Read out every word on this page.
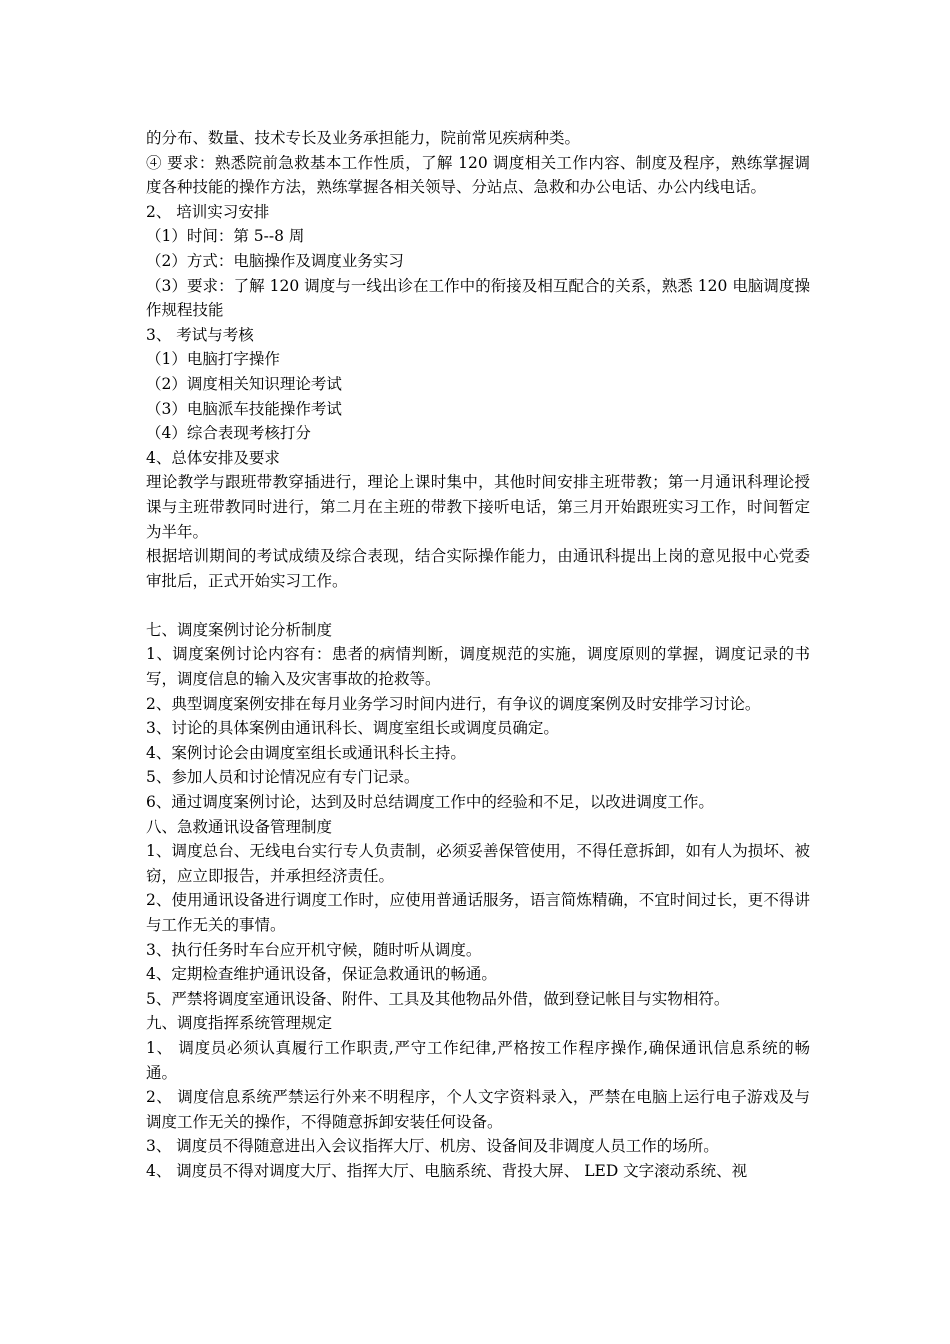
的分布、数量、技术专长及业务承担能力，院前常见疾病种类。
④ 要求：熟悉院前急救基本工作性质，了解 120 调度相关工作内容、制度及程序，熟练掌握调度各种技能的操作方法，熟练掌握各相关领导、分站点、急救和办公电话、办公内线电话。
2、 培训实习安排
（1）时间：第 5--8 周
（2）方式：电脑操作及调度业务实习
（3）要求：了解 120 调度与一线出诊在工作中的衔接及相互配合的关系，熟悉 120 电脑调度操作规程技能
3、 考试与考核
（1）电脑打字操作
（2）调度相关知识理论考试
（3）电脑派车技能操作考试
（4）综合表现考核打分
4、总体安排及要求
理论教学与跟班带教穿插进行，理论上课时集中，其他时间安排主班带教；第一月通讯科理论授课与主班带教同时进行，第二月在主班的带教下接听电话，第三月开始跟班实习工作，时间暂定为半年。
根据培训期间的考试成绩及综合表现，结合实际操作能力，由通讯科提出上岗的意见报中心党委审批后，正式开始实习工作。
七、调度案例讨论分析制度
1、调度案例讨论内容有：患者的病情判断，调度规范的实施，调度原则的掌握，调度记录的书写，调度信息的输入及灾害事故的抢救等。
2、典型调度案例安排在每月业务学习时间内进行，有争议的调度案例及时安排学习讨论。
3、讨论的具体案例由通讯科长、调度室组长或调度员确定。
4、案例讨论会由调度室组长或通讯科长主持。
5、参加人员和讨论情况应有专门记录。
6、通过调度案例讨论，达到及时总结调度工作中的经验和不足，以改进调度工作。
八、急救通讯设备管理制度
1、调度总台、无线电台实行专人负责制，必须妥善保管使用，不得任意拆卸，如有人为损坏、被窃，应立即报告，并承担经济责任。
2、使用通讯设备进行调度工作时，应使用普通话服务，语言简炼精确，不宜时间过长，更不得讲与工作无关的事情。
3、执行任务时车台应开机守候，随时听从调度。
4、定期检查维护通讯设备，保证急救通讯的畅通。
5、严禁将调度室通讯设备、附件、工具及其他物品外借，做到登记帐目与实物相符。
九、调度指挥系统管理规定
1、 调度员必须认真履行工作职责,严守工作纪律,严格按工作程序操作,确保通讯信息系统的畅通。
2、 调度信息系统严禁运行外来不明程序，个人文字资料录入，严禁在电脑上运行电子游戏及与调度工作无关的操作，不得随意拆卸安装任何设备。
3、 调度员不得随意进出入会议指挥大厅、机房、设备间及非调度人员工作的场所。
4、 调度员不得对调度大厅、指挥大厅、电脑系统、背投大屏、 LED 文字滚动系统、视
